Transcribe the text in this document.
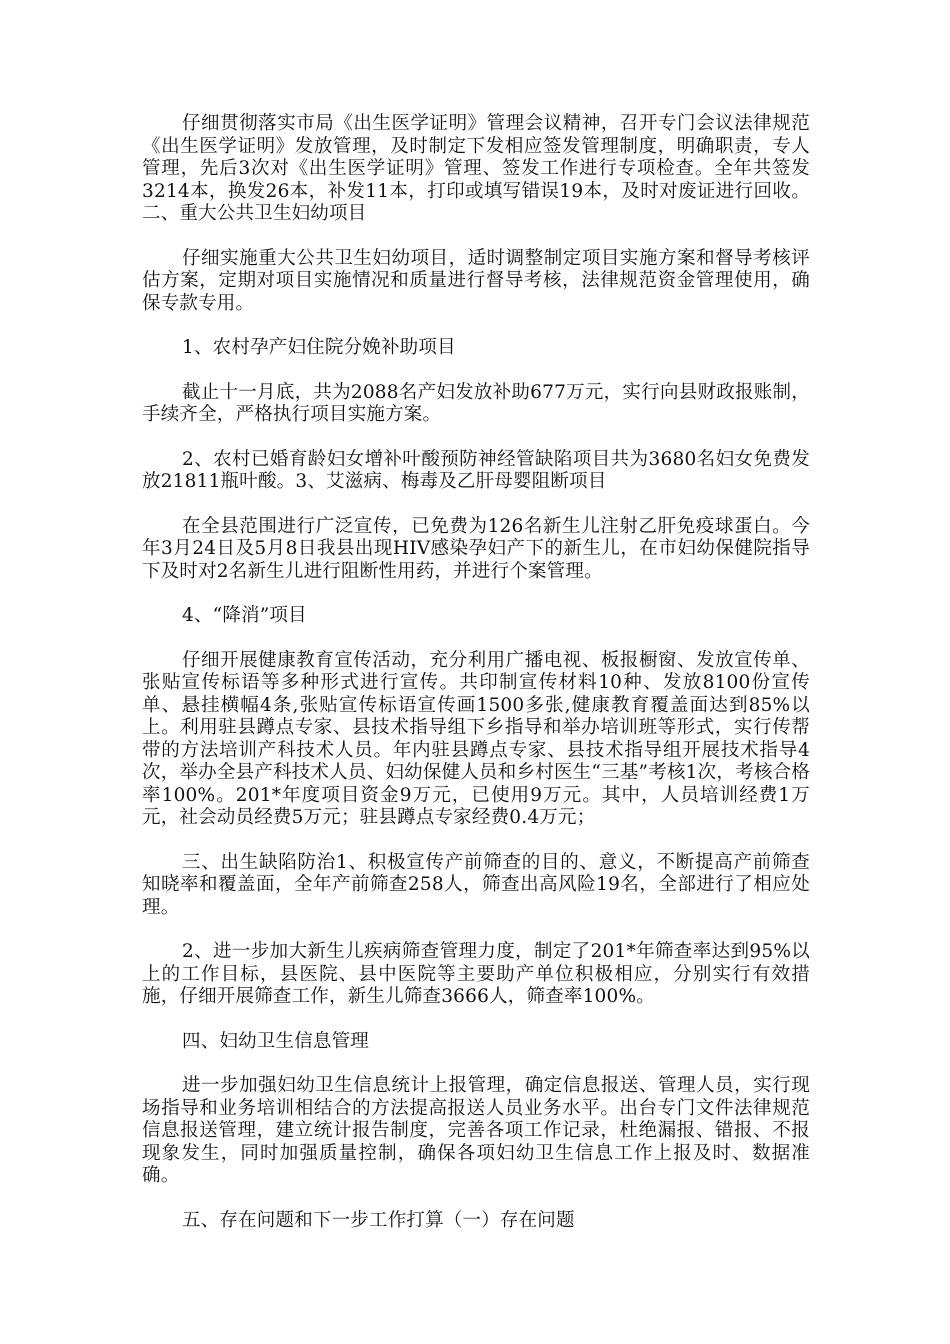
仔细贯彻落实市局《出生医学证明》管理会议精神，召开专门会议法律规范《出生医学证明》发放管理，及时制定下发相应签发管理制度，明确职责，专人管理，先后3次对《出生医学证明》管理、签发工作进行专项检查。全年共签发3214本，换发26本，补发11本，打印或填写错误19本，及时对废证进行回收。二、重大公共卫生妇幼项目

仔细实施重大公共卫生妇幼项目，适时调整制定项目实施方案和督导考核评估方案，定期对项目实施情况和质量进行督导考核，法律规范资金管理使用，确保专款专用。

1、农村孕产妇住院分娩补助项目

截止十一月底，共为2088名产妇发放补助677万元，实行向县财政报账制，手续齐全，严格执行项目实施方案。

2、农村已婚育龄妇女增补叶酸预防神经管缺陷项目共为3680名妇女免费发放21811瓶叶酸。3、艾滋病、梅毒及乙肝母婴阻断项目

在全县范围进行广泛宣传，已免费为126名新生儿注射乙肝免疫球蛋白。今年3月24日及5月8日我县出现HIV感染孕妇产下的新生儿，在市妇幼保健院指导下及时对2名新生儿进行阻断性用药，并进行个案管理。

4、“降消”项目

仔细开展健康教育宣传活动，充分利用广播电视、板报橱窗、发放宣传单、张贴宣传标语等多种形式进行宣传。共印制宣传材料10种、发放8100份宣传单、悬挂横幅4条,张贴宣传标语宣传画1500多张,健康教育覆盖面达到85%以上。利用驻县蹲点专家、县技术指导组下乡指导和举办培训班等形式，实行传帮带的方法培训产科技术人员。年内驻县蹲点专家、县技术指导组开展技术指导4次，举办全县产科技术人员、妇幼保健人员和乡村医生“三基”考核1次，考核合格率100%。201*年度项目资金9万元，已使用9万元。其中，人员培训经费1万元，社会动员经费5万元；驻县蹲点专家经费0.4万元；

三、出生缺陷防治1、积极宣传产前筛查的目的、意义，不断提高产前筛查知晓率和覆盖面，全年产前筛查258人，筛查出高风险19名，全部进行了相应处理。

2、进一步加大新生儿疾病筛查管理力度，制定了201*年筛查率达到95%以上的工作目标，县医院、县中医院等主要助产单位积极相应，分别实行有效措施，仔细开展筛查工作，新生儿筛查3666人，筛查率100%。

四、妇幼卫生信息管理

进一步加强妇幼卫生信息统计上报管理，确定信息报送、管理人员，实行现场指导和业务培训相结合的方法提高报送人员业务水平。出台专门文件法律规范信息报送管理，建立统计报告制度，完善各项工作记录，杜绝漏报、错报、不报现象发生，同时加强质量控制，确保各项妇幼卫生信息工作上报及时、数据准确。

五、存在问题和下一步工作打算（一）存在问题
